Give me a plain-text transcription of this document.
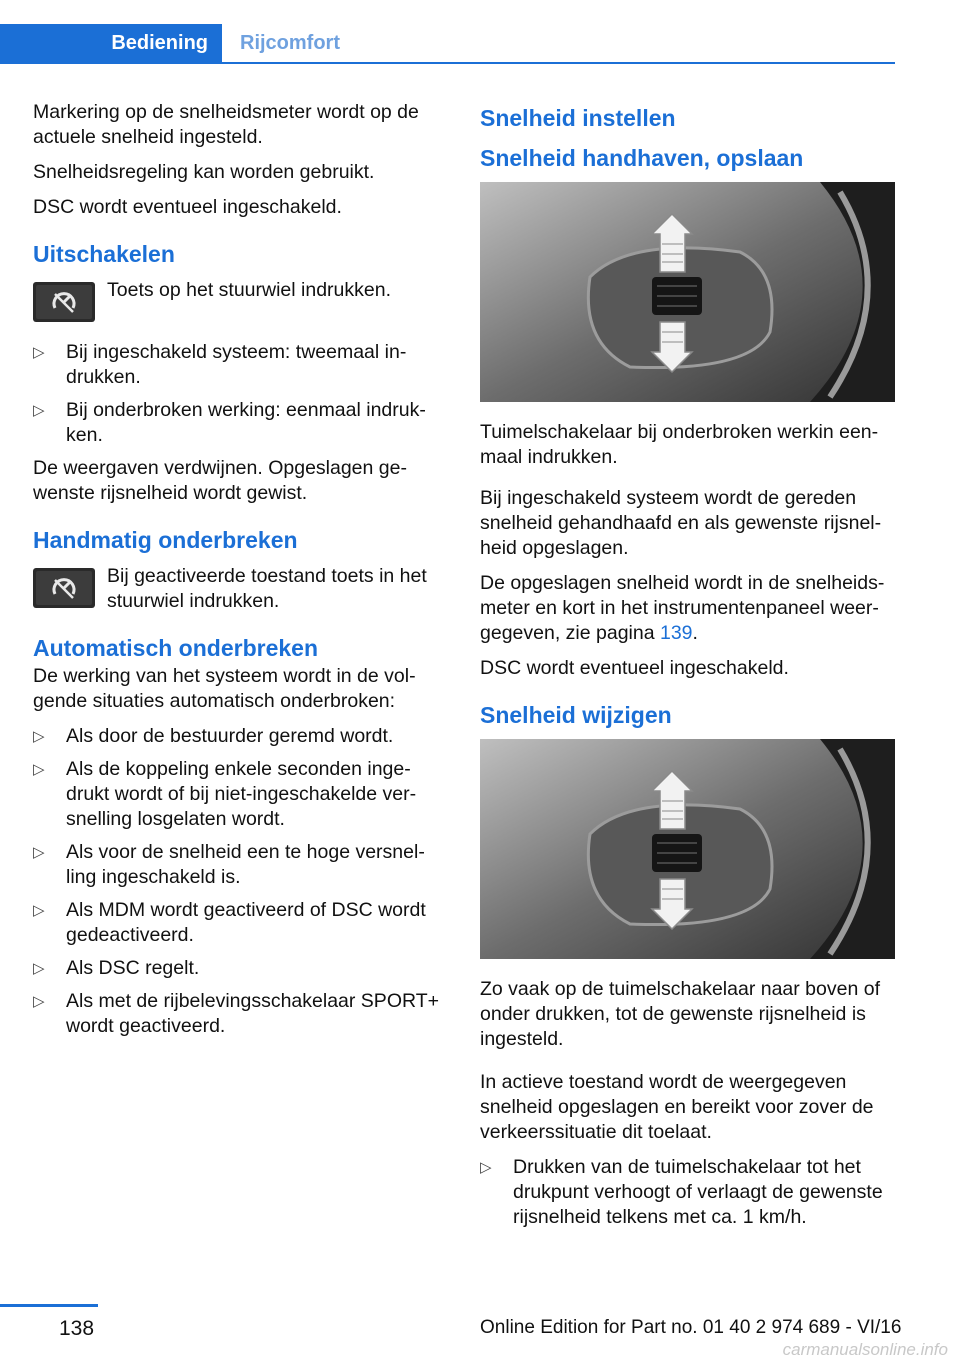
Bediening	Rijcomfort

Markering op de snelheidsmeter wordt op de actuele snelheid ingesteld.

Snelheidsregeling kan worden gebruikt.

DSC wordt eventueel ingeschakeld.

Uitschakelen

Toets op het stuurwiel indrukken.

▷ Bij ingeschakeld systeem: tweemaal in-drukken.
▷ Bij onderbroken werking: eenmaal indruk-ken.

De weergaven verdwijnen. Opgeslagen ge-wenste rijsnelheid wordt gewist.

Handmatig onderbreken

Bij geactiveerde toestand toets in het stuurwiel indrukken.

Automatisch onderbreken

De werking van het systeem wordt in de vol-gende situaties automatisch onderbroken:

▷ Als door de bestuurder geremd wordt.
▷ Als de koppeling enkele seconden inge-drukt wordt of bij niet-ingeschakelde ver-snelling losgelaten wordt.
▷ Als voor de snelheid een te hoge versnel-ling ingeschakeld is.
▷ Als MDM wordt geactiveerd of DSC wordt gedeactiveerd.
▷ Als DSC regelt.
▷ Als met de rijbelevingsschakelaar SPORT+ wordt geactiveerd.
Snelheid instellen
Snelheid handhaven, opslaan

Tuimelschakelaar bij onderbroken werkin een-maal indrukken.

Bij ingeschakeld systeem wordt de gereden snelheid gehandhaafd en als gewenste rijsnel-heid opgeslagen.

De opgeslagen snelheid wordt in de snelheids-meter en kort in het instrumentenpaneel weer-gegeven, zie pagina 139.

DSC wordt eventueel ingeschakeld.

Snelheid wijzigen

Zo vaak op de tuimelschakelaar naar boven of onder drukken, tot de gewenste rijsnelheid is ingesteld.

In actieve toestand wordt de weergegeven snelheid opgeslagen en bereikt voor zover de verkeerssituatie dit toelaat.

▷ Drukken van de tuimelschakelaar tot het drukpunt verhoogt of verlaagt de gewenste rijsnelheid telkens met ca. 1 km/h.
138	Online Edition for Part no. 01 40 2 974 689 - VI/16
carmanualsonline.info
